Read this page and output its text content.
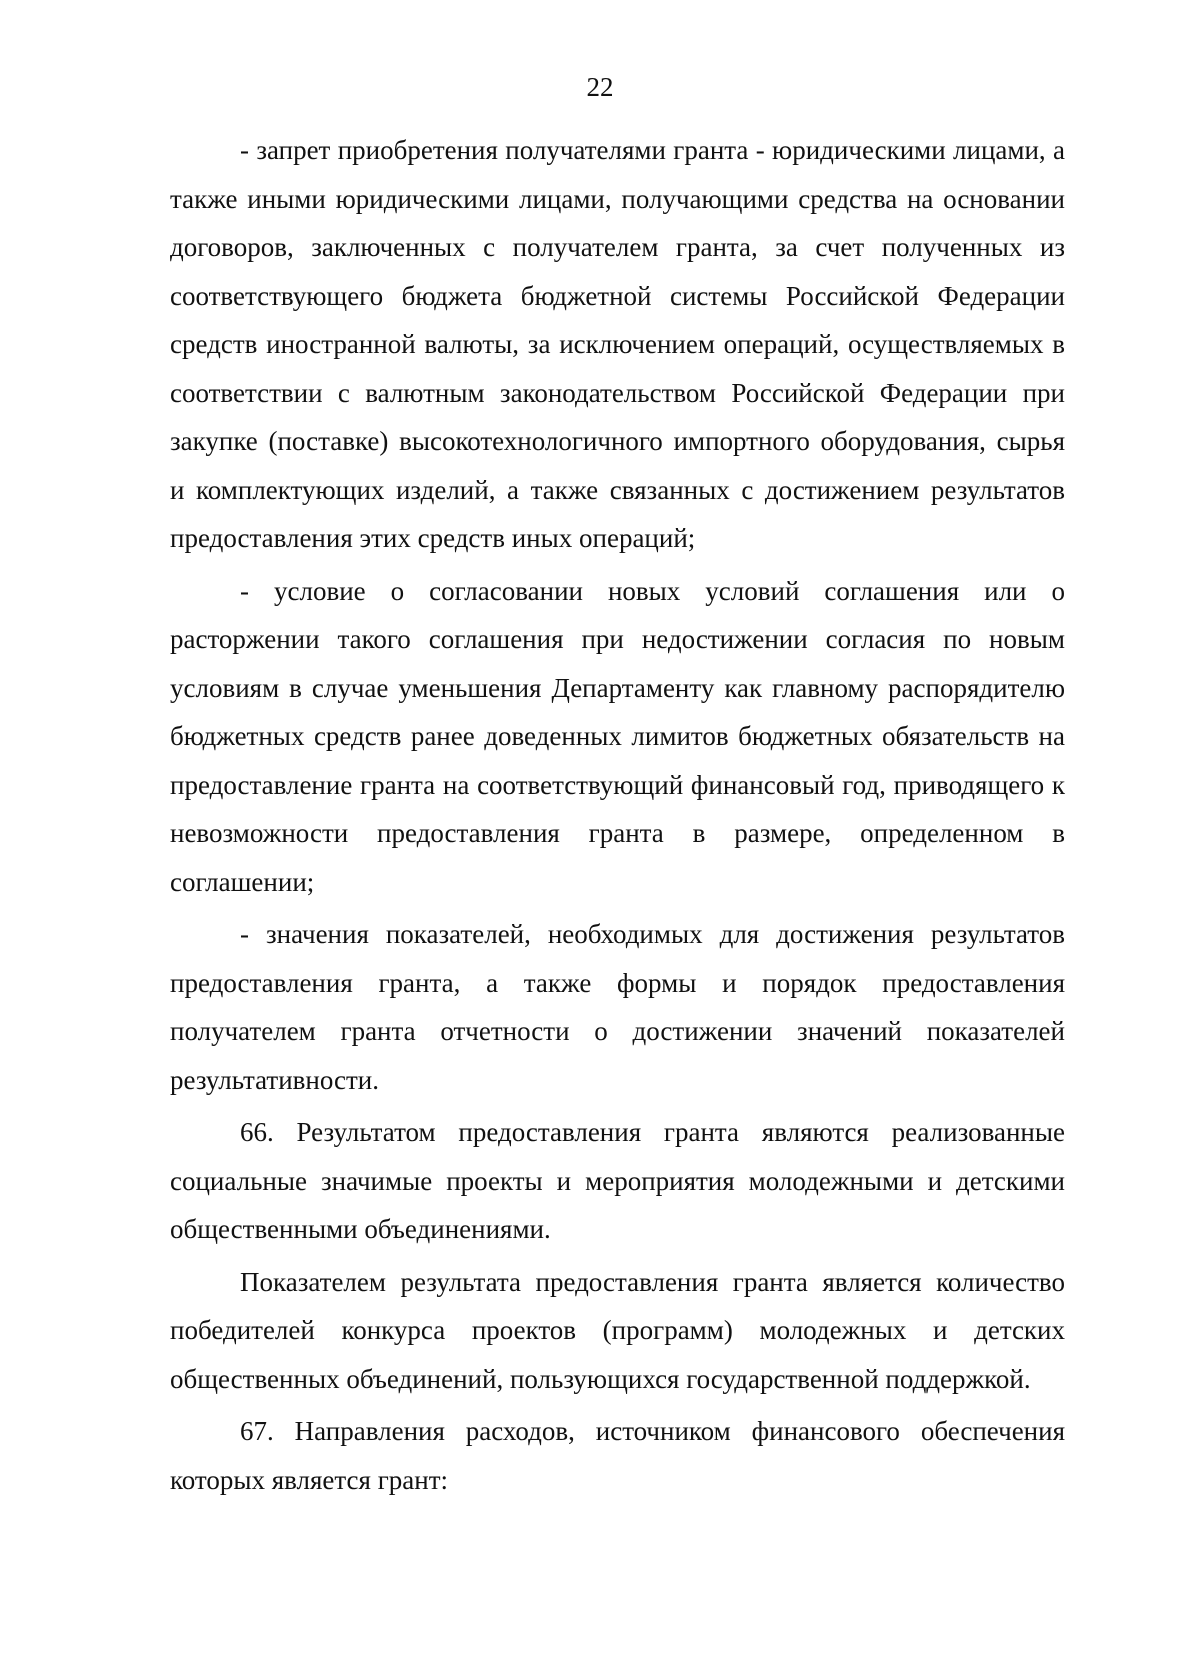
22

- запрет приобретения получателями гранта - юридическими лицами, а также иными юридическими лицами, получающими средства на основании договоров, заключенных с получателем гранта, за счет полученных из соответствующего бюджета бюджетной системы Российской Федерации средств иностранной валюты, за исключением операций, осуществляемых в соответствии с валютным законодательством Российской Федерации при закупке (поставке) высокотехнологичного импортного оборудования, сырья и комплектующих изделий, а также связанных с достижением результатов предоставления этих средств иных операций;

- условие о согласовании новых условий соглашения или о расторжении такого соглашения при недостижении согласия по новым условиям в случае уменьшения Департаменту как главному распорядителю бюджетных средств ранее доведенных лимитов бюджетных обязательств на предоставление гранта на соответствующий финансовый год, приводящего к невозможности предоставления гранта в размере, определенном в соглашении;

- значения показателей, необходимых для достижения результатов предоставления гранта, а также формы и порядок предоставления получателем гранта отчетности о достижении значений показателей результативности.

66. Результатом предоставления гранта являются реализованные социальные значимые проекты и мероприятия молодежными и детскими общественными объединениями.

Показателем результата предоставления гранта является количество победителей конкурса проектов (программ) молодежных и детских общественных объединений, пользующихся государственной поддержкой.

67. Направления расходов, источником финансового обеспечения которых является грант:
